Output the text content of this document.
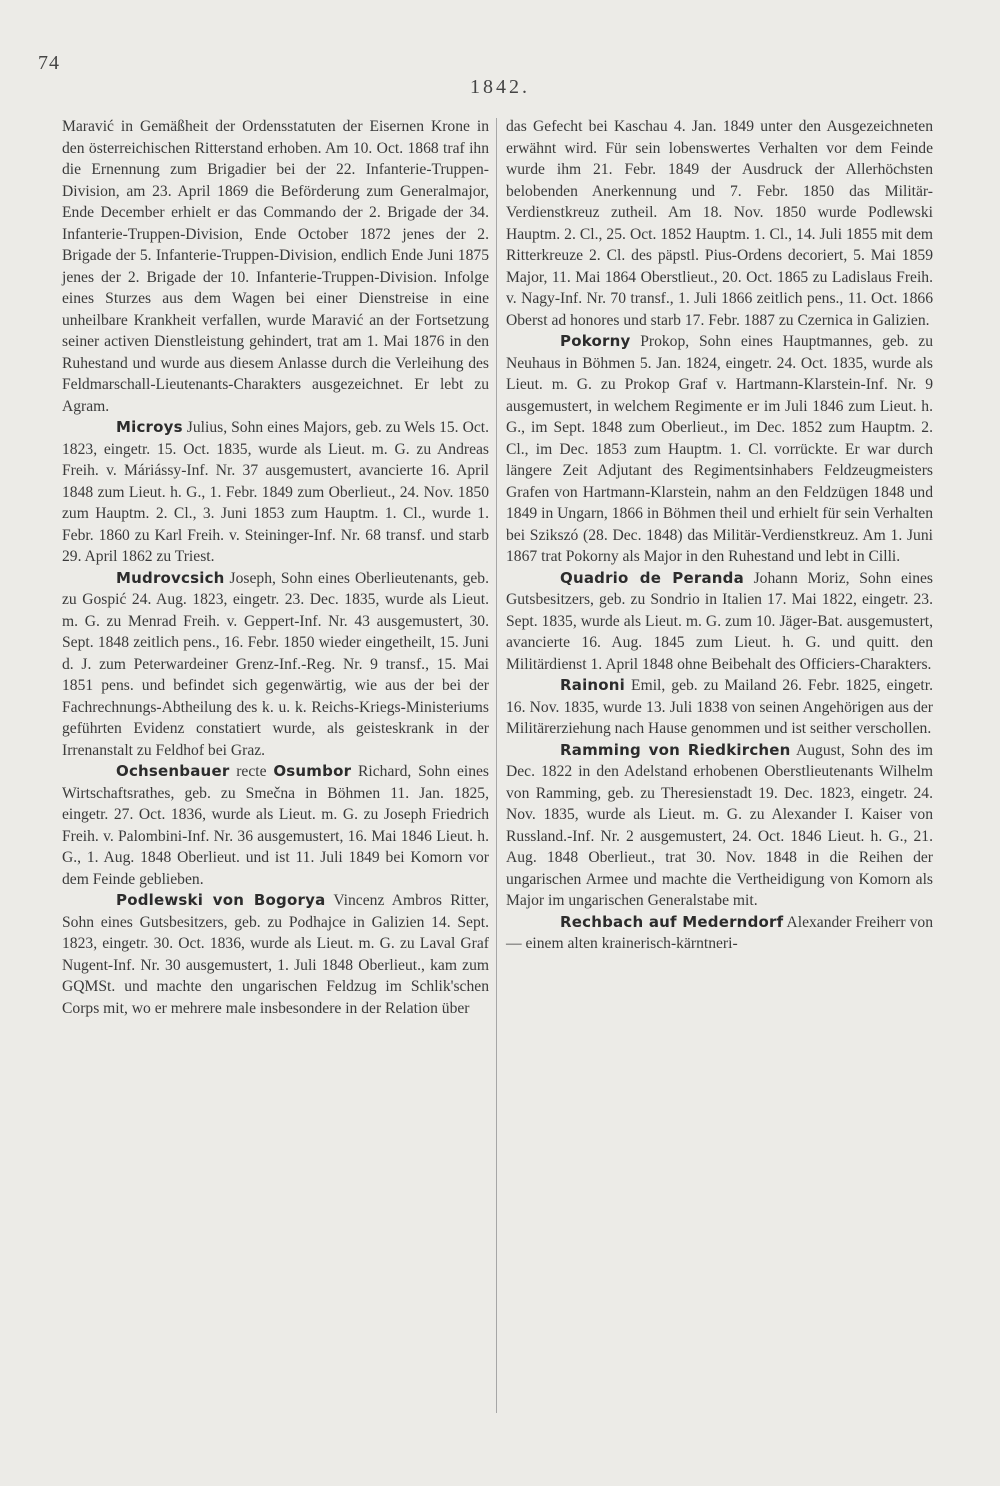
74
1842.

Maravić in Gemäßheit der Ordensstatuten der Eisernen Krone in den österreichischen Ritterstand erhoben. Am 10. Oct. 1868 traf ihn die Ernennung zum Brigadier bei der 22. Infanterie-Truppen-Division, am 23. April 1869 die Beförderung zum Generalmajor, Ende December erhielt er das Commando der 2. Brigade der 34. Infanterie-Truppen-Division, Ende October 1872 jenes der 2. Brigade der 5. Infanterie-Truppen-Division, endlich Ende Juni 1875 jenes der 2. Brigade der 10. Infanterie-Truppen-Division. Infolge eines Sturzes aus dem Wagen bei einer Dienstreise in eine unheilbare Krankheit verfallen, wurde Maravić an der Fortsetzung seiner activen Dienstleistung gehindert, trat am 1. Mai 1876 in den Ruhestand und wurde aus diesem Anlasse durch die Verleihung des Feldmarschall-Lieutenants-Charakters ausgezeichnet. Er lebt zu Agram.

Microys Julius, Sohn eines Majors, geb. zu Wels 15. Oct. 1823, eingetr. 15. Oct. 1835, wurde als Lieut. m. G. zu Andreas Freih. v. Máriássy-Inf. Nr. 37 ausgemustert, avancierte 16. April 1848 zum Lieut. h. G., 1. Febr. 1849 zum Oberlieut., 24. Nov. 1850 zum Hauptm. 2. Cl., 3. Juni 1853 zum Hauptm. 1. Cl., wurde 1. Febr. 1860 zu Karl Freih. v. Steininger-Inf. Nr. 68 transf. und starb 29. April 1862 zu Triest.

Mudrovcsich Joseph, Sohn eines Oberlieutenants, geb. zu Gospić 24. Aug. 1823, eingetr. 23. Dec. 1835, wurde als Lieut. m. G. zu Menrad Freih. v. Geppert-Inf. Nr. 43 ausgemustert, 30. Sept. 1848 zeitlich pens., 16. Febr. 1850 wieder eingetheilt, 15. Juni d. J. zum Peterwardeiner Grenz-Inf.-Reg. Nr. 9 transf., 15. Mai 1851 pens. und befindet sich gegenwärtig, wie aus der bei der Fachrechnungs-Abtheilung des k. u. k. Reichs-Kriegs-Ministeriums geführten Evidenz constatiert wurde, als geisteskrank in der Irrenanstalt zu Feldhof bei Graz.

Ochsenbauer recte Osumbor Richard, Sohn eines Wirtschaftsrathes, geb. zu Smečna in Böhmen 11. Jan. 1825, eingetr. 27. Oct. 1836, wurde als Lieut. m. G. zu Joseph Friedrich Freih. v. Palombini-Inf. Nr. 36 ausgemustert, 16. Mai 1846 Lieut. h. G., 1. Aug. 1848 Oberlieut. und ist 11. Juli 1849 bei Komorn vor dem Feinde geblieben.

Podlewski von Bogorya Vincenz Ambros Ritter, Sohn eines Gutsbesitzers, geb. zu Podhajce in Galizien 14. Sept. 1823, eingetr. 30. Oct. 1836, wurde als Lieut. m. G. zu Laval Graf Nugent-Inf. Nr. 30 ausgemustert, 1. Juli 1848 Oberlieut., kam zum GQMSt. und machte den ungarischen Feldzug im Schlik'schen Corps mit, wo er mehrere male insbesondere in der Relation über

das Gefecht bei Kaschau 4. Jan. 1849 unter den Ausgezeichneten erwähnt wird. Für sein lobenswertes Verhalten vor dem Feinde wurde ihm 21. Febr. 1849 der Ausdruck der Allerhöchsten belobenden Anerkennung und 7. Febr. 1850 das Militär-Verdienstkreuz zutheil. Am 18. Nov. 1850 wurde Podlewski Hauptm. 2. Cl., 25. Oct. 1852 Hauptm. 1. Cl., 14. Juli 1855 mit dem Ritterkreuze 2. Cl. des päpstl. Pius-Ordens decoriert, 5. Mai 1859 Major, 11. Mai 1864 Oberstlieut., 20. Oct. 1865 zu Ladislaus Freih. v. Nagy-Inf. Nr. 70 transf., 1. Juli 1866 zeitlich pens., 11. Oct. 1866 Oberst ad honores und starb 17. Febr. 1887 zu Czernica in Galizien.

Pokorny Prokop, Sohn eines Hauptmannes, geb. zu Neuhaus in Böhmen 5. Jan. 1824, eingetr. 24. Oct. 1835, wurde als Lieut. m. G. zu Prokop Graf v. Hartmann-Klarstein-Inf. Nr. 9 ausgemustert, in welchem Regimente er im Juli 1846 zum Lieut. h. G., im Sept. 1848 zum Oberlieut., im Dec. 1852 zum Hauptm. 2. Cl., im Dec. 1853 zum Hauptm. 1. Cl. vorrückte. Er war durch längere Zeit Adjutant des Regimentsinhabers Feldzeugmeisters Grafen von Hartmann-Klarstein, nahm an den Feldzügen 1848 und 1849 in Ungarn, 1866 in Böhmen theil und erhielt für sein Verhalten bei Szikszó (28. Dec. 1848) das Militär-Verdienstkreuz. Am 1. Juni 1867 trat Pokorny als Major in den Ruhestand und lebt in Cilli.

Quadrio de Peranda Johann Moriz, Sohn eines Gutsbesitzers, geb. zu Sondrio in Italien 17. Mai 1822, eingetr. 23. Sept. 1835, wurde als Lieut. m. G. zum 10. Jäger-Bat. ausgemustert, avancierte 16. Aug. 1845 zum Lieut. h. G. und quitt. den Militärdienst 1. April 1848 ohne Beibehalt des Officiers-Charakters.

Rainoni Emil, geb. zu Mailand 26. Febr. 1825, eingetr. 16. Nov. 1835, wurde 13. Juli 1838 von seinen Angehörigen aus der Militärerziehung nach Hause genommen und ist seither verschollen.

Ramming von Riedkirchen August, Sohn des im Dec. 1822 in den Adelstand erhobenen Oberstlieutenants Wilhelm von Ramming, geb. zu Theresienstadt 19. Dec. 1823, eingetr. 24. Nov. 1835, wurde als Lieut. m. G. zu Alexander I. Kaiser von Russland.-Inf. Nr. 2 ausgemustert, 24. Oct. 1846 Lieut. h. G., 21. Aug. 1848 Oberlieut., trat 30. Nov. 1848 in die Reihen der ungarischen Armee und machte die Vertheidigung von Komorn als Major im ungarischen Generalstabe mit.

Rechbach auf Mederndorf Alexander Freiherr von — einem alten krainerisch-kärntneri-
